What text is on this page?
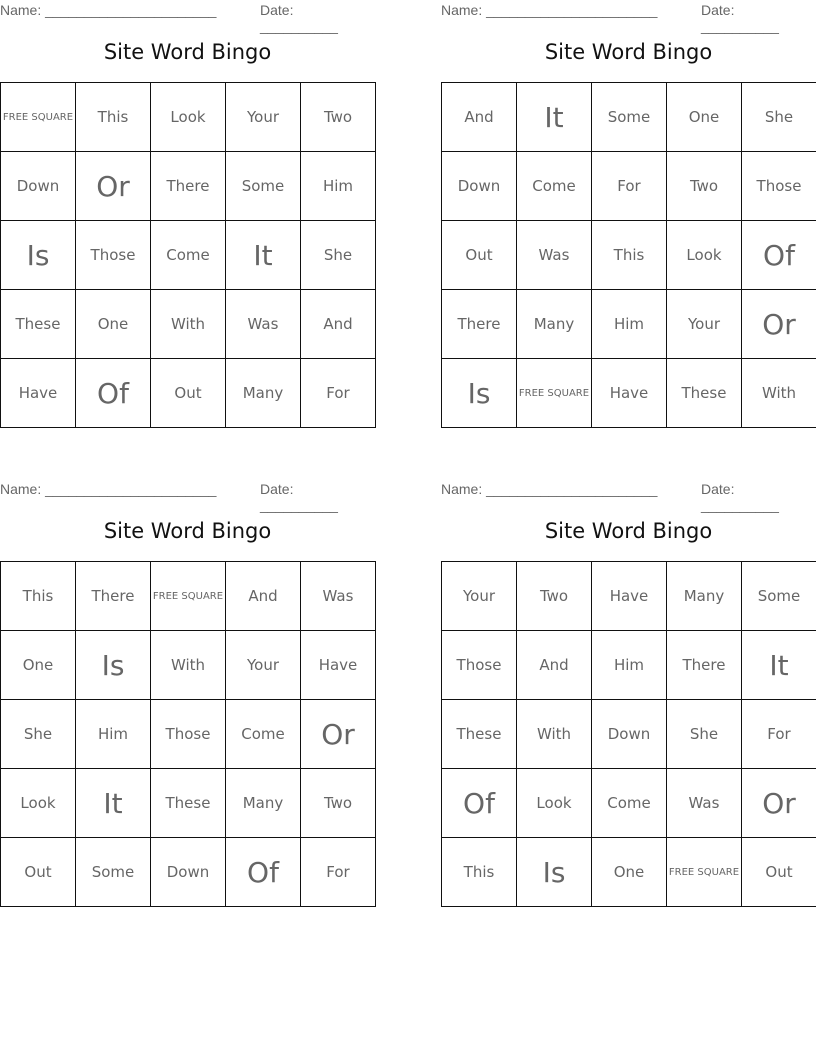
Name: ______________________	Date: __________
Site Word Bingo
FREE SQUARE	This	Look	Your	Two
Down	Or	There	Some	Him
Is	Those	Come	It	She
These	One	With	Was	And
Have	Of	Out	Many	For
Name: ______________________	Date: __________
Site Word Bingo
And	It	Some	One	She
Down	Come	For	Two	Those
Out	Was	This	Look	Of
There	Many	Him	Your	Or
Is	FREE SQUARE	Have	These	With
Name: ______________________	Date: __________
Site Word Bingo
This	There	FREE SQUARE	And	Was
One	Is	With	Your	Have
She	Him	Those	Come	Or
Look	It	These	Many	Two
Out	Some	Down	Of	For
Name: ______________________	Date: __________
Site Word Bingo
Your	Two	Have	Many	Some
Those	And	Him	There	It
These	With	Down	She	For
Of	Look	Come	Was	Or
This	Is	One	FREE SQUARE	Out
